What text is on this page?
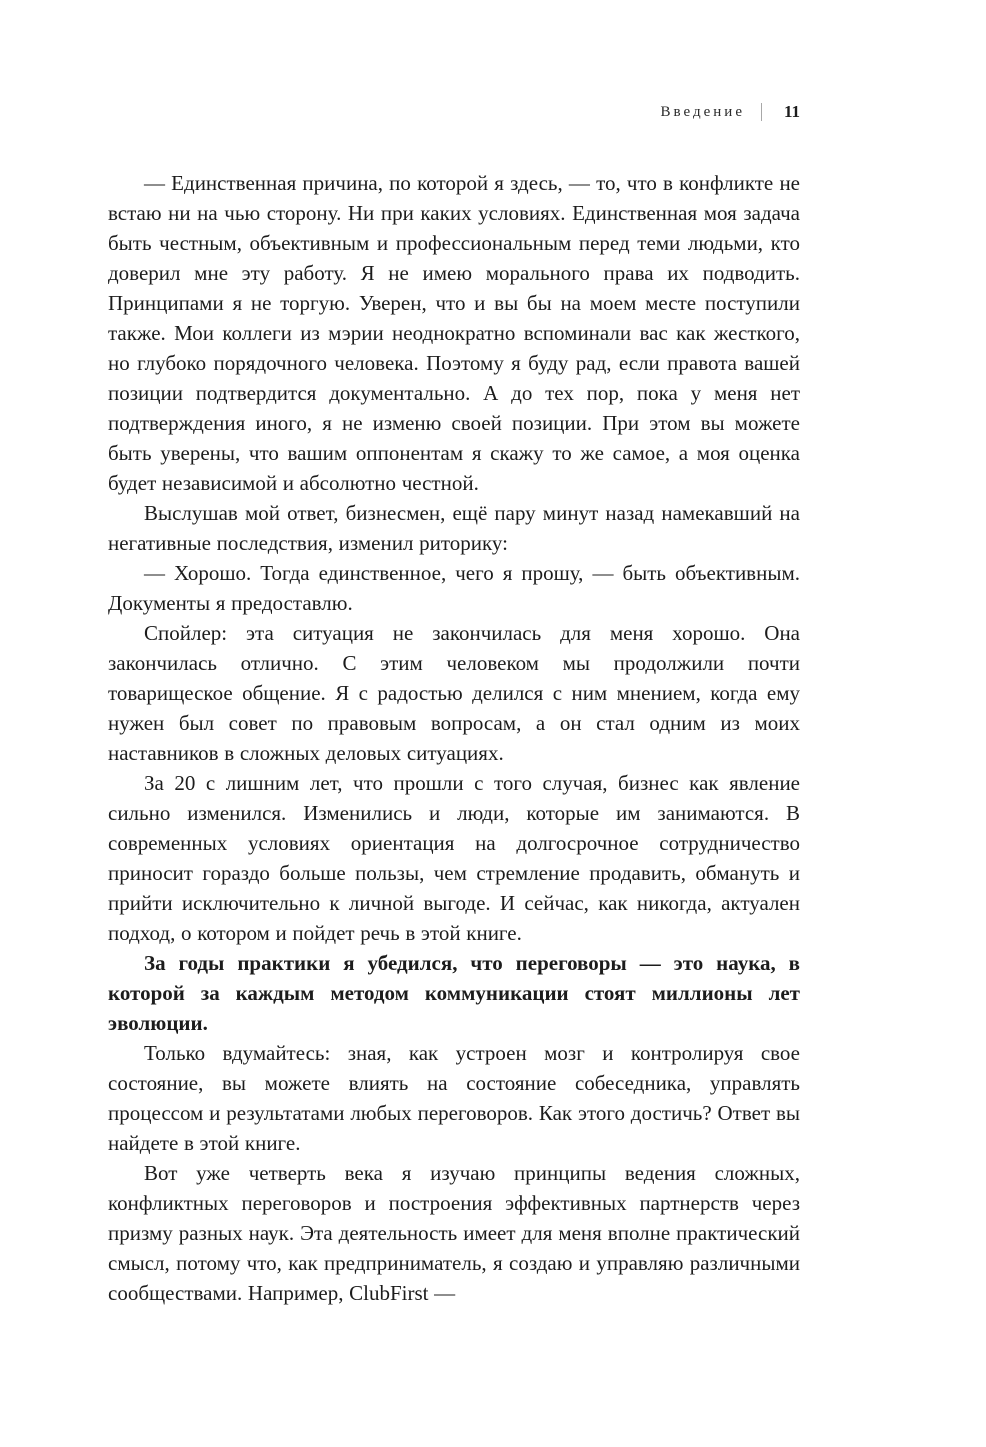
Введение	11

— Единственная причина, по которой я здесь, — то, что в конфликте не встаю ни на чью сторону. Ни при каких условиях. Единственная моя задача быть честным, объективным и профессиональным перед теми людьми, кто доверил мне эту работу. Я не имею морального права их подводить. Принципами я не торгую. Уверен, что и вы бы на моем месте поступили также. Мои коллеги из мэрии неоднократно вспоминали вас как жесткого, но глубоко порядочного человека. Поэтому я буду рад, если правота вашей позиции подтвердится документально. А до тех пор, пока у меня нет подтверждения иного, я не изменю своей позиции. При этом вы можете быть уверены, что вашим оппонентам я скажу то же самое, а моя оценка будет независимой и абсолютно честной.

Выслушав мой ответ, бизнесмен, ещё пару минут назад намекавший на негативные последствия, изменил риторику:

— Хорошо. Тогда единственное, чего я прошу, — быть объективным. Документы я предоставлю.

Спойлер: эта ситуация не закончилась для меня хорошо. Она закончилась отлично. С этим человеком мы продолжили почти товарищеское общение. Я с радостью делился с ним мнением, когда ему нужен был совет по правовым вопросам, а он стал одним из моих наставников в сложных деловых ситуациях.

За 20 с лишним лет, что прошли с того случая, бизнес как явление сильно изменился. Изменились и люди, которые им занимаются. В современных условиях ориентация на долгосрочное сотрудничество приносит гораздо больше пользы, чем стремление продавить, обмануть и прийти исключительно к личной выгоде. И сейчас, как никогда, актуален подход, о котором и пойдет речь в этой книге.

За годы практики я убедился, что переговоры — это наука, в которой за каждым методом коммуникации стоят миллионы лет эволюции.

Только вдумайтесь: зная, как устроен мозг и контролируя свое состояние, вы можете влиять на состояние собеседника, управлять процессом и результатами любых переговоров. Как этого достичь? Ответ вы найдете в этой книге.

Вот уже четверть века я изучаю принципы ведения сложных, конфликтных переговоров и построения эффективных партнерств через призму разных наук. Эта деятельность имеет для меня вполне практический смысл, потому что, как предприниматель, я создаю и управляю различными сообществами. Например, ClubFirst —
